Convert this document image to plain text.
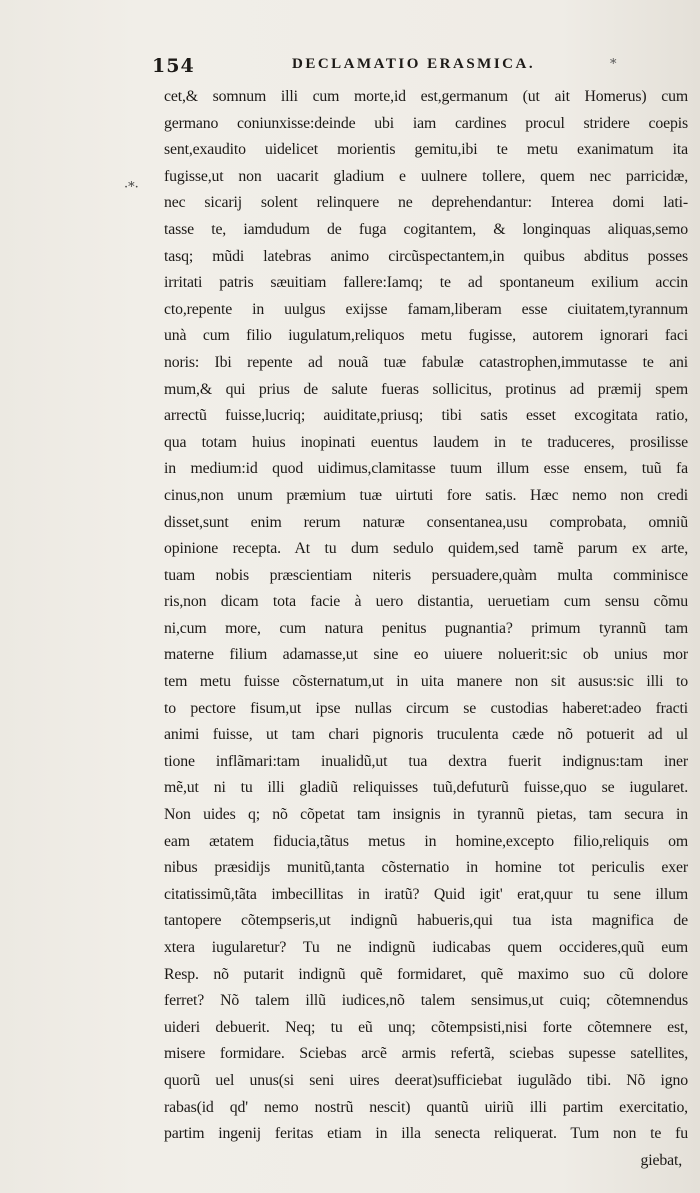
154	DECLAMATIO ERASMICA.	*
·*·
cet,& somnum illi cum morte,id est,germanum (ut ait Homerus) cum
germano coniunxisse:deinde ubi iam cardines procul stridere coepis
sent,exaudito uidelicet morientis gemitu,ibi te metu exanimatum ita
fugisse,ut non uacarit gladium e uulnere tollere, quem nec parricidæ,
nec sicarij solent relinquere ne deprehendantur: Interea domi lati-
tasse te, iamdudum de fuga cogitantem, & longinquas aliquas,semo
tasq; mũdi latebras animo circũspectantem,in quibus abditus posses
irritati patris sæuitiam fallere:Iamq; te ad spontaneum exilium accin
cto,repente in uulgus exijsse famam,liberam esse ciuitatem,tyrannum
unà cum filio iugulatum,reliquos metu fugisse, autorem ignorari faci
noris: Ibi repente ad nouã tuæ fabulæ catastrophen,immutasse te ani
mum,& qui prius de salute fueras sollicitus, protinus ad præmij spem
arrectũ fuisse,lucriq; auiditate,priusq; tibi satis esset excogitata ratio,
qua totam huius inopinati euentus laudem in te traduceres, prosilisse
in medium:id quod uidimus,clamitasse tuum illum esse ensem, tuũ fa
cinus,non unum præmium tuæ uirtuti fore satis. Hæc nemo non credi
disset,sunt enim rerum naturæ consentanea,usu comprobata, omniũ
opinione recepta. At tu dum sedulo quidem,sed tamẽ parum ex arte,
tuam nobis præscientiam niteris persuadere,quàm multa comminisce
ris,non dicam tota facie à uero distantia, ueruetiam cum sensu cõmu
ni,cum more, cum natura penitus pugnantia? primum tyrannũ tam
materne filium adamasse,ut sine eo uiuere noluerit:sic ob unius mor
tem metu fuisse cõsternatum,ut in uita manere non sit ausus:sic illi to
to pectore fisum,ut ipse nullas circum se custodias haberet:adeo fracti
animi fuisse, ut tam chari pignoris truculenta cæde nõ potuerit ad ul
tione inflãmari:tam inualidũ,ut tua dextra fuerit indignus:tam iner
mẽ,ut ni tu illi gladiũ reliquisses tuũ,defuturũ fuisse,quo se iugularet.
Non uides q; nõ cõpetat tam insignis in tyrannũ pietas, tam secura in
eam ætatem fiducia,tãtus metus in homine,excepto filio,reliquis om
nibus præsidijs munitũ,tanta cõsternatio in homine tot periculis exer
citatissimũ,tãta imbecillitas in iratũ? Quid igit' erat,quur tu sene illum
tantopere cõtempseris,ut indignũ habueris,qui tua ista magnifica de
xtera iugularetur? Tu ne indignũ iudicabas quem occideres,quũ eum
Resp. nõ putarit indignũ quẽ formidaret, quẽ maximo suo cũ dolore
ferret? Nõ talem illũ iudices,nõ talem sensimus,ut cuiq; cõtemnendus
uideri debuerit. Neq; tu eũ unq; cõtempsisti,nisi forte cõtemnere est,
misere formidare. Sciebas arcẽ armis refertã, sciebas supesse satellites,
quorũ uel unus(si seni uires deerat)sufficiebat iugulãdo tibi. Nõ igno
rabas(id qd' nemo nostrũ nescit) quantũ uiriũ illi partim exercitatio,
partim ingenij feritas etiam in illa senecta reliquerat. Tum non te fu
giebat,
